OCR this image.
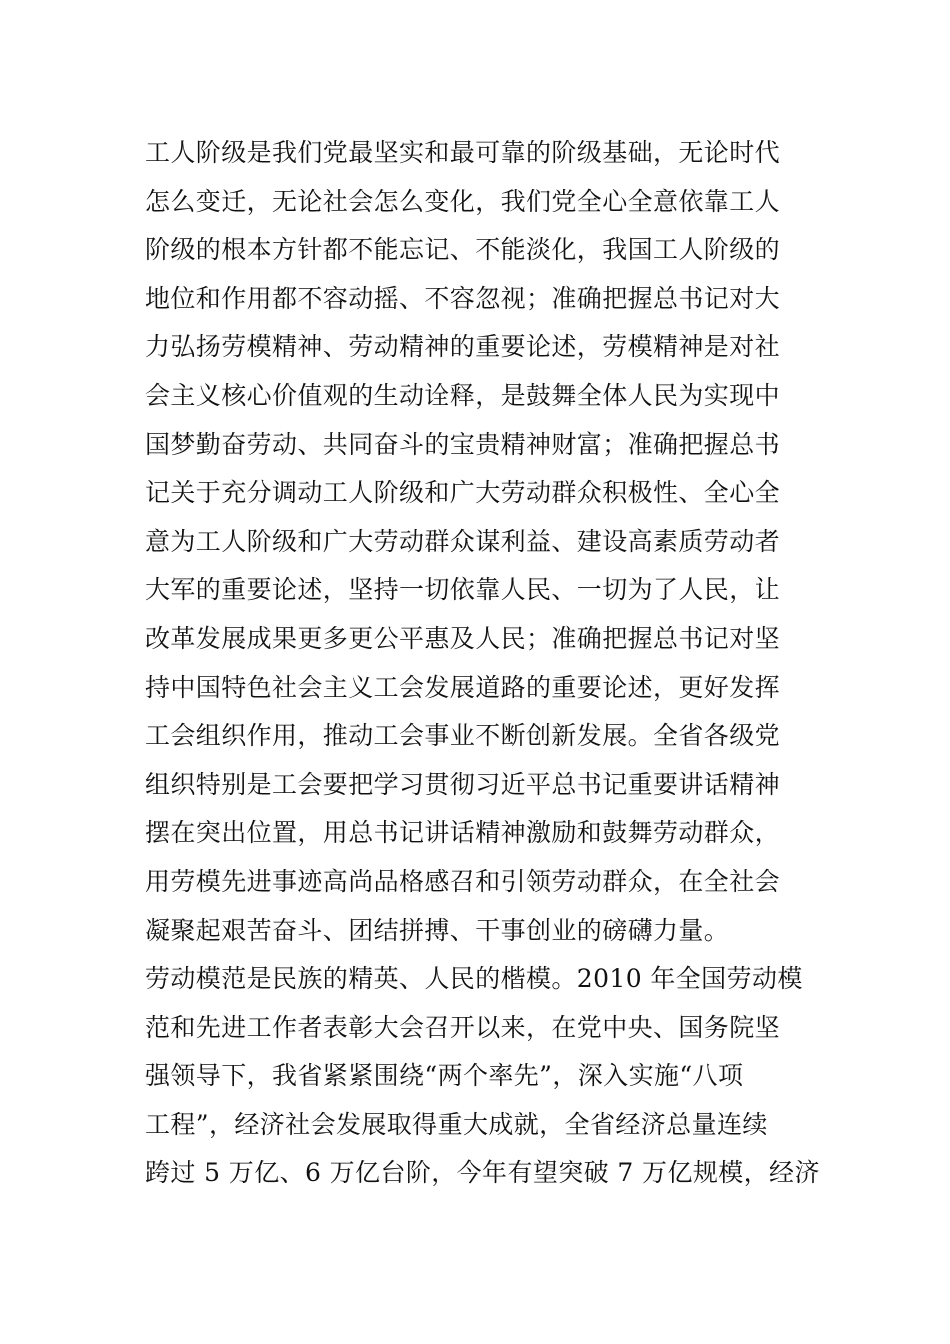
工人阶级是我们党最坚实和最可靠的阶级基础，无论时代
怎么变迁，无论社会怎么变化，我们党全心全意依靠工人
阶级的根本方针都不能忘记、不能淡化，我国工人阶级的
地位和作用都不容动摇、不容忽视；准确把握总书记对大
力弘扬劳模精神、劳动精神的重要论述，劳模精神是对社
会主义核心价值观的生动诠释，是鼓舞全体人民为实现中
国梦勤奋劳动、共同奋斗的宝贵精神财富；准确把握总书
记关于充分调动工人阶级和广大劳动群众积极性、全心全
意为工人阶级和广大劳动群众谋利益、建设高素质劳动者
大军的重要论述，坚持一切依靠人民、一切为了人民，让
改革发展成果更多更公平惠及人民；准确把握总书记对坚
持中国特色社会主义工会发展道路的重要论述，更好发挥
工会组织作用，推动工会事业不断创新发展。全省各级党
组织特别是工会要把学习贯彻习近平总书记重要讲话精神
摆在突出位置，用总书记讲话精神激励和鼓舞劳动群众，
用劳模先进事迹高尚品格感召和引领劳动群众，在全社会
凝聚起艰苦奋斗、团结拼搏、干事创业的磅礴力量。
劳动模范是民族的精英、人民的楷模。2010 年全国劳动模
范和先进工作者表彰大会召开以来，在党中央、国务院坚
强领导下，我省紧紧围绕“两个率先”，深入实施“八项
工程”，经济社会发展取得重大成就，全省经济总量连续
跨过 5 万亿、6 万亿台阶，今年有望突破 7 万亿规模，经济
